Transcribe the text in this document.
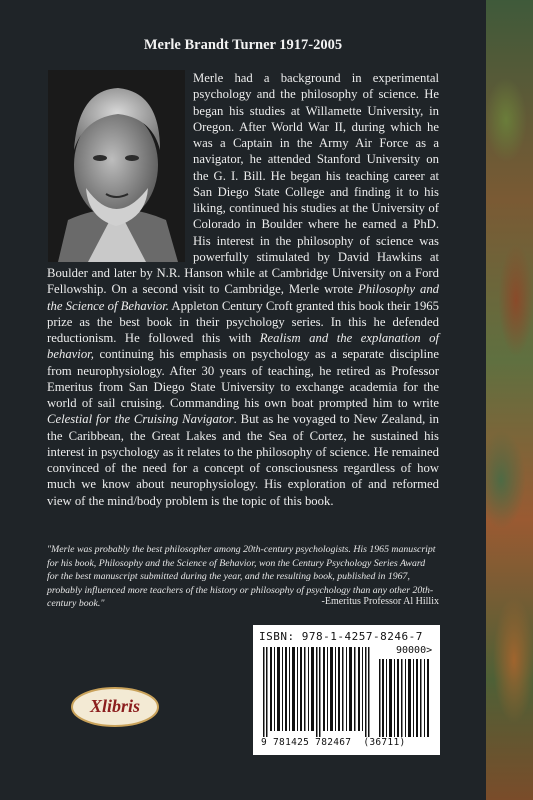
Merle Brandt Turner 1917-2005
Merle had a background in experimental psychology and the philosophy of science. He began his studies at Willamette University, in Oregon. After World War II, during which he was a Captain in the Army Air Force as a navigator, he attended Stanford University on the G. I. Bill. He began his teaching career at San Diego State College and finding it to his liking, continued his studies at the University of Colorado in Boulder where he earned a PhD. His interest in the philosophy of science was powerfully stimulated by David Hawkins at Boulder and later by N.R. Hanson while at Cambridge University on a Ford Fellowship. On a second visit to Cambridge, Merle wrote Philosophy and the Science of Behavior. Appleton Century Croft granted this book their 1965 prize as the best book in their psychology series. In this he defended reductionism. He followed this with Realism and the explanation of behavior, continuing his emphasis on psychology as a separate discipline from neurophysiology. After 30 years of teaching, he retired as Professor Emeritus from San Diego State University to exchange academia for the world of sail cruising. Commanding his own boat prompted him to write Celestial for the Cruising Navigator. But as he voyaged to New Zealand, in the Caribbean, the Great Lakes and the Sea of Cortez, he sustained his interest in psychology as it relates to the philosophy of science. He remained convinced of the need for a concept of consciousness regardless of how much we know about neurophysiology. His exploration of and reformed view of the mind/body problem is the topic of this book.
"Merle was probably the best philosopher among 20th-century psychologists. His 1965 manuscript for his book, Philosophy and the Science of Behavior, won the Century Psychology Series Award for the best manuscript submitted during the year, and the resulting book, published in 1967, probably influenced more teachers of the history or philosophy of psychology than any other 20th-century book."	-Emeritus Professor Al Hillix
Xlibris
ISBN: 978-1-4257-8246-7
90000>
9 781425 782467 (36711)
